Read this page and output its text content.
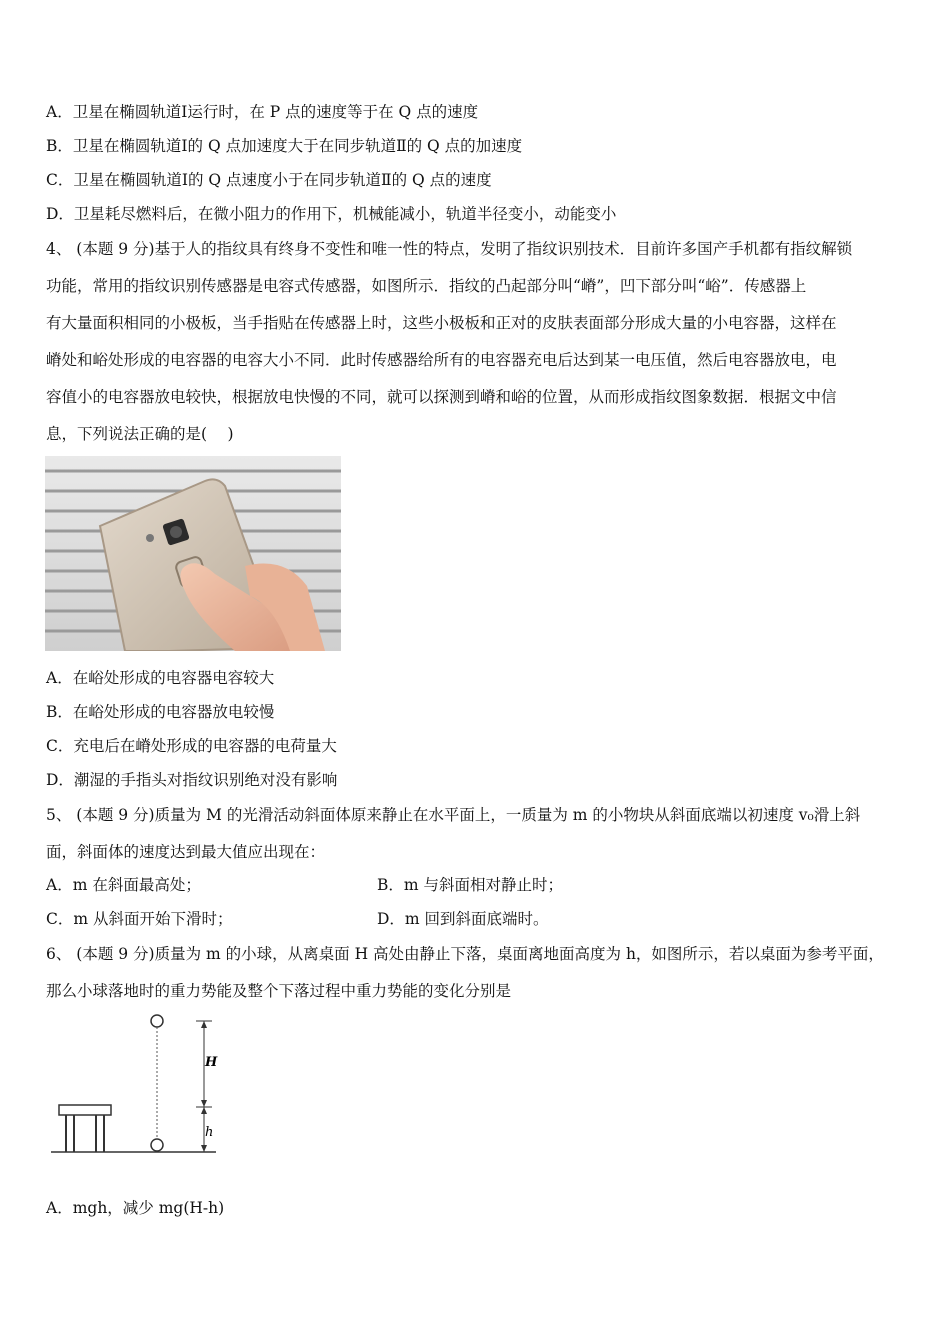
A．卫星在椭圆轨道Ⅰ运行时，在 P 点的速度等于在 Q 点的速度
B．卫星在椭圆轨道Ⅰ的 Q 点加速度大于在同步轨道Ⅱ的 Q 点的加速度
C．卫星在椭圆轨道Ⅰ的 Q 点速度小于在同步轨道Ⅱ的 Q 点的速度
D．卫星耗尽燃料后，在微小阻力的作用下，机械能减小，轨道半径变小，动能变小
4、 (本题 9 分)基于人的指纹具有终身不变性和唯一性的特点，发明了指纹识别技术．目前许多国产手机都有指纹解锁
功能，常用的指纹识别传感器是电容式传感器，如图所示．指纹的凸起部分叫“嵴”，凹下部分叫“峪”．传感器上
有大量面积相同的小极板，当手指贴在传感器上时，这些小极板和正对的皮肤表面部分形成大量的小电容器，这样在
嵴处和峪处形成的电容器的电容大小不同．此时传感器给所有的电容器充电后达到某一电压值，然后电容器放电，电
容值小的电容器放电较快，根据放电快慢的不同，就可以探测到嵴和峪的位置，从而形成指纹图象数据．根据文中信
息，下列说法正确的是(　 )
A．在峪处形成的电容器电容较大
B．在峪处形成的电容器放电较慢
C．充电后在嵴处形成的电容器的电荷量大
D．潮湿的手指头对指纹识别绝对没有影响
5、 (本题 9 分)质量为 M 的光滑活动斜面体原来静止在水平面上，一质量为 m 的小物块从斜面底端以初速度 v₀滑上斜
面，斜面体的速度达到最大值应出现在：
A．m 在斜面最高处；	B．m 与斜面相对静止时；
C．m 从斜面开始下滑时；	D．m 回到斜面底端时。
6、 (本题 9 分)质量为 m 的小球，从离桌面 H 高处由静止下落，桌面离地面高度为 h，如图所示，若以桌面为参考平面，
那么小球落地时的重力势能及整个下落过程中重力势能的变化分别是
H
h
A．mgh，减少 mg(H-h)
